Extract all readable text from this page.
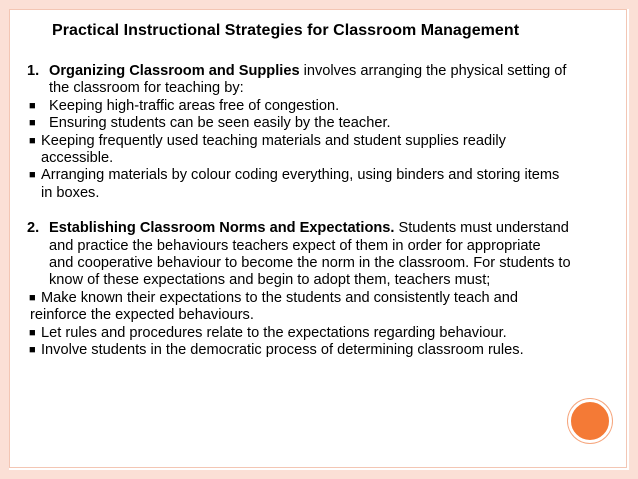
Practical Instructional Strategies for Classroom Management
1. Organizing Classroom and Supplies involves arranging the physical setting of
the classroom for teaching by:
■ Keeping high-traffic areas free of congestion.
■ Ensuring students can be seen easily by the teacher.
■ Keeping frequently used teaching materials and student supplies readily
accessible.
■ Arranging materials by colour coding everything, using binders and storing items
in boxes.
2. Establishing Classroom Norms and Expectations. Students must understand
and practice the behaviours teachers expect of them in order for appropriate
and cooperative behaviour to become the norm in the classroom. For students to
know of these expectations and begin to adopt them, teachers must;
■ Make known their expectations to the students and consistently teach and
reinforce the expected behaviours.
■ Let rules and procedures relate to the expectations regarding behaviour.
■ Involve students in the democratic process of determining classroom rules.
